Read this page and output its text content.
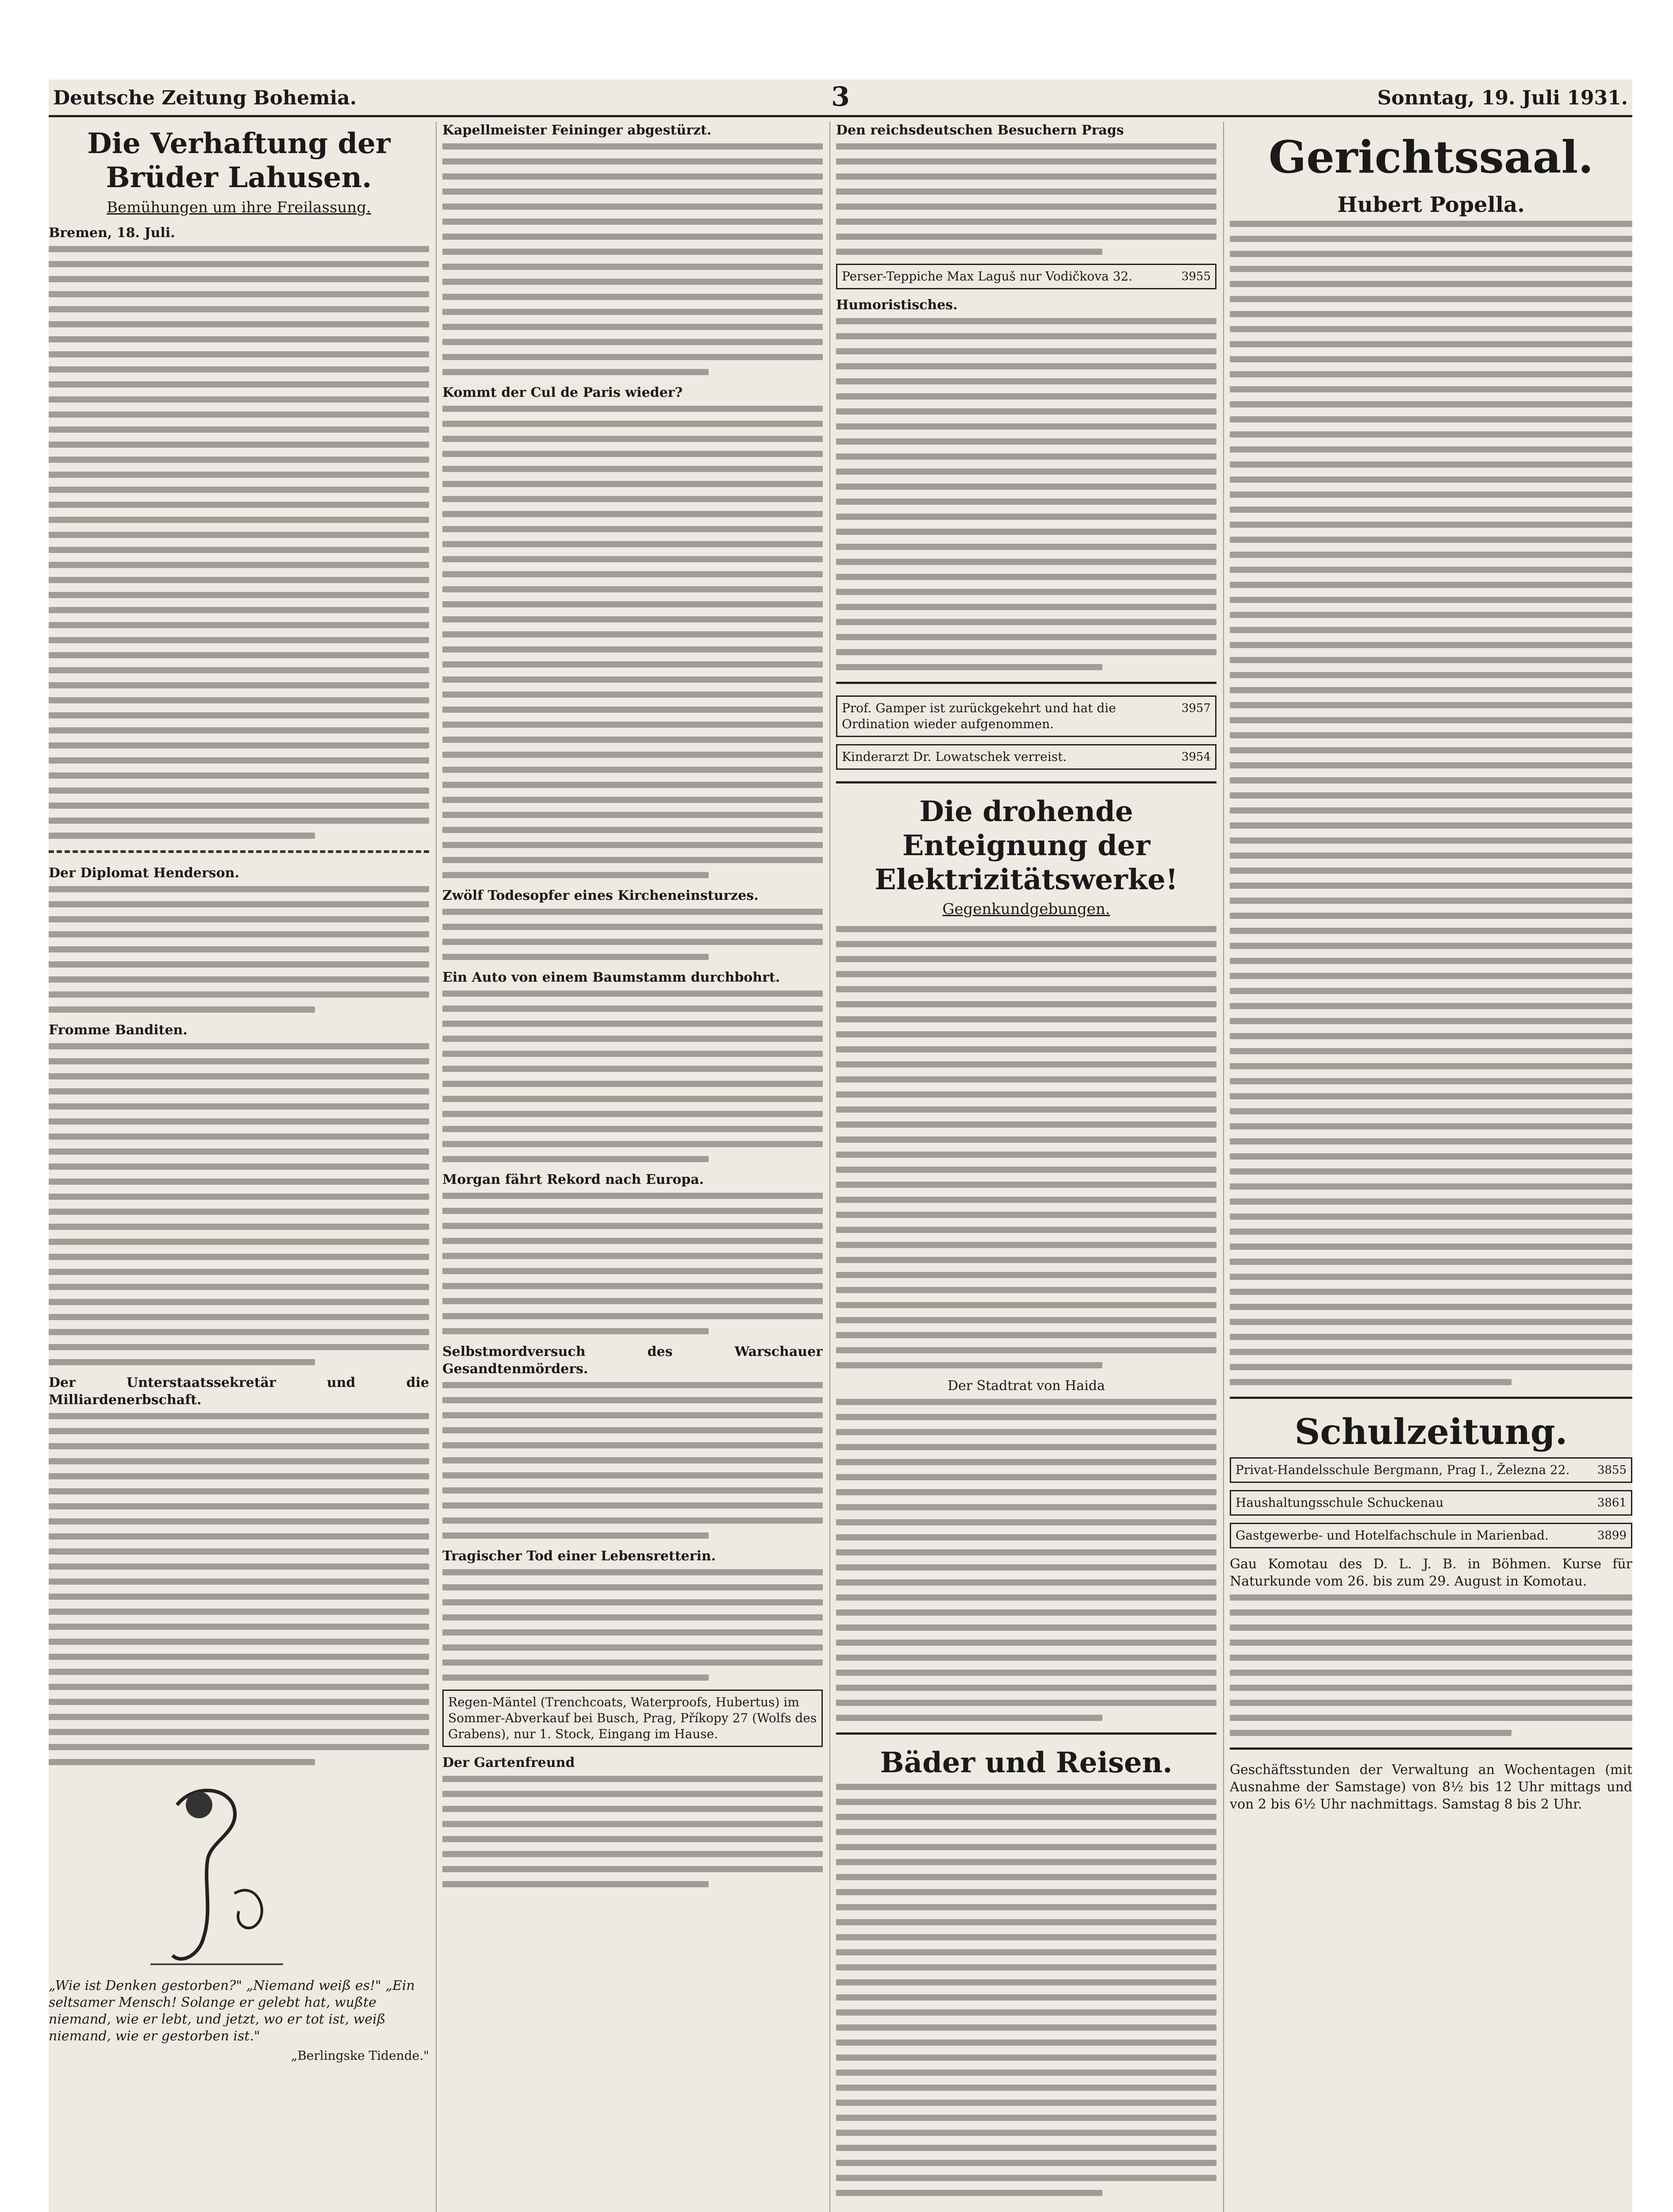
Deutsche Zeitung Bohemia.	3	Sonntag, 19. Juli 1931.
Die Verhaftung der Brüder Lahusen.
Bemühungen um ihre Freilassung.

Bremen, 18. Juli.

Der Diplomat Henderson.

Fromme Banditen.

Der Unterstaatssekretär und die Milliardenerbschaft.

„Wie ist Denken gestorben?" „Niemand weiß es!" „Ein seltsamer Mensch! Solange er gelebt hat, wußte niemand, wie er lebt, und jetzt, wo er tot ist, weiß niemand, wie er gestorben ist."

„Berlingske Tidende."

Kapellmeister Feininger abgestürzt.

Kommt der Cul de Paris wieder?

Zwölf Todesopfer eines Kircheneinsturzes.

Ein Auto von einem Baumstamm durchbohrt.

Morgan fährt Rekord nach Europa.

Selbstmordversuch des Warschauer Gesandtenmörders.

Tragischer Tod einer Lebensretterin.

Regen-Mäntel (Trenchcoats, Waterproofs, Hubertus) im Sommer-Abverkauf bei Busch, Prag, Příkopy 27 (Wolfs des Grabens), nur 1. Stock, Eingang im Hause.

Der Gartenfreund

Den reichsdeutschen Besuchern Prags

3955
Perser-Teppiche Max Laguš nur Vodičkova 32.

Humoristisches.

3957
Prof. Gamper ist zurückgekehrt und hat die Ordination wieder aufgenommen.
3954
Kinderarzt Dr. Lowatschek verreist.
Die drohende Enteignung der Elektrizitätswerke!
Gegenkundgebungen.

Der Stadtrat von Haida

Bäder und Reisen.
Gerichtssaal.
Hubert Popella.
Schulzeitung.
3855
Privat-Handelsschule Bergmann, Prag I., Železna 22.
3861
Haushaltungsschule Schuckenau
3899
Gastgewerbe- und Hotelfachschule in Marienbad.

Gau Komotau des D. L. J. B. in Böhmen. Kurse für Naturkunde vom 26. bis zum 29. August in Komotau.

Geschäftsstunden der Verwaltung an Wochentagen (mit Ausnahme der Samstage) von 8½ bis 12 Uhr mittags und von 2 bis 6½ Uhr nachmittags. Samstag 8 bis 2 Uhr.
